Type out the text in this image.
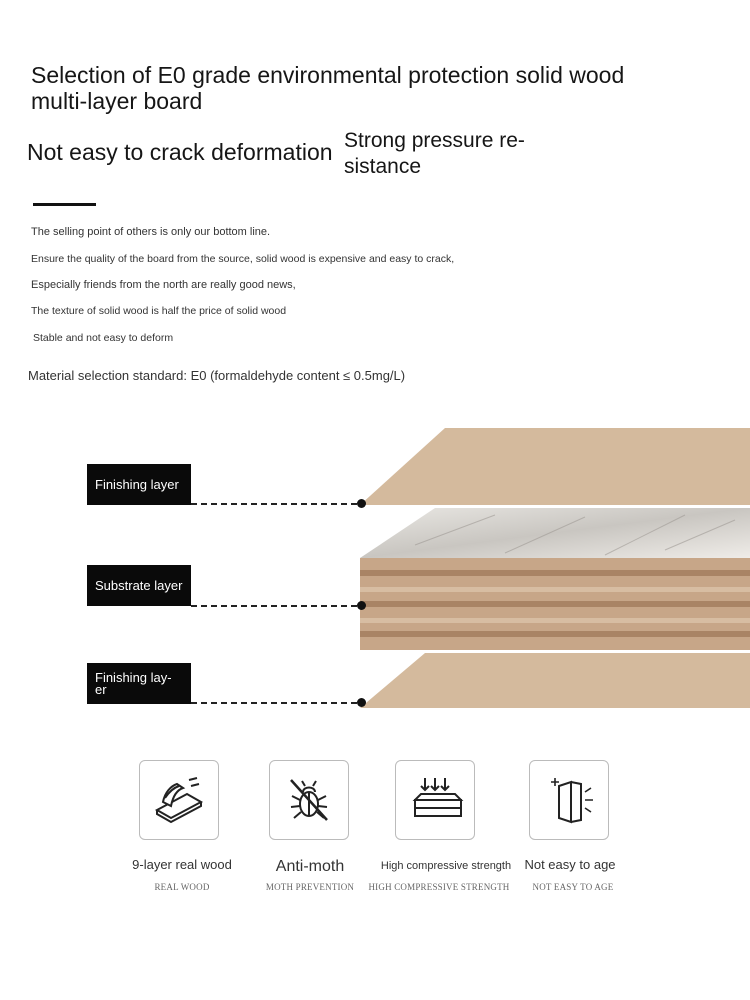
Selection of E0 grade environmental protection solid wood multi-layer board
Not easy to crack deformation Strong pressure re- sistance
The selling point of others is only our bottom line.
Ensure the quality of the board from the source, solid wood is expensive and easy to crack,
Especially friends from the north are really good news,
The texture of solid wood is half the price of solid wood
Stable and not easy to deform
Material selection standard: E0 (formaldehyde content ≤ 0.5mg/L)
Finishing layer
Substrate layer
Finishing lay- er
9-layer real wood	Anti-moth	High compressive strength	Not easy to age
REAL WOOD	MOTH PREVENTION	HIGH COMPRESSIVE STRENGTH	NOT EASY TO AGE
